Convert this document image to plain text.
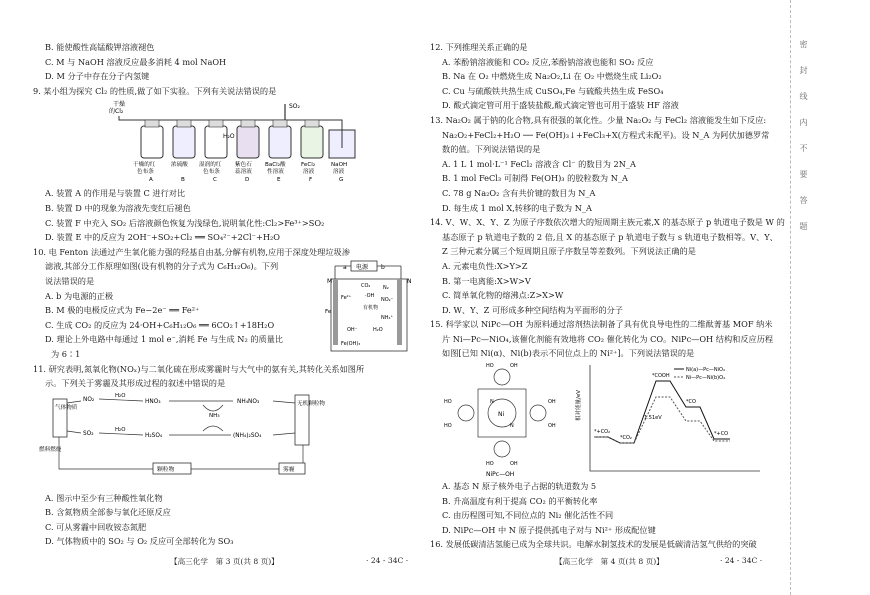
B. 能使酸性高锰酸钾溶液褪色
C. M 与 NaOH 溶液反应最多消耗 4 mol NaOH
D. M 分子中存在分子内氢键
9. 某小组为探究 Cl₂ 的性质,做了如下实验。下列有关说法错误的是
干燥
的Cl₂
SO₂
H₂O
干燥的红
色布条
A
浓硫酸
B
湿润的红
色布条
C
紫色石
蕊溶液
D
BaCl₂酸
性溶液
E
FeCl₂
溶液
F
NaOH
溶液
G
A. 装置 A 的作用是与装置 C 进行对比
B. 装置 D 中的现象为溶液先变红后褪色
C. 装置 F 中充入 SO₂ 后溶液颜色恢复为浅绿色,说明氧化性:Cl₂>Fe³⁺>SO₂
D. 装置 E 中的反应为 2OH⁻+SO₂+Cl₂ ══ SO₄²⁻+2Cl⁻+H₂O
10. 电 Fenton 法通过产生氧化能力强的羟基自由基,分解有机物,应用于深度处理垃圾渗
滤液,其部分工作原理如图(设有机物的分子式为 C₆H₁₂O₆)。下列
说法错误的是
A. b 为电源的正极
B. M 极的电极反应式为 Fe−2e⁻ ══ Fe²⁺
C. 生成 CO₂ 的反应为 24·OH+C₆H₁₂O₆ ══ 6CO₂↑+18H₂O
D. 理论上外电路中每通过 1 mol e⁻,消耗 Fe 与生成 N₂ 的质量比
为 6∶1
电源
a	b
M	N
Fe
Fe²⁺
CO₂
·OH
N₂
NO₂⁻
有机物
NH₄⁺
OH⁻
Fe(OH)₃
H₂O
11. 研究表明,氮氧化物(NOₓ)与二氧化硫在形成雾霾时与大气中的氨有关,其转化关系如图所
示。下列关于雾霾及其形成过程的叙述中错误的是
气体物质
燃料燃烧
NO₂
H₂O
HNO₃
SO₂
H₂O
H₂SO₄
NH₃
NH₄NO₃
(NH₄)₂SO₄
无机颗粒物
颗粒物	雾霾
A. 图示中至少有三种酸性氧化物
B. 含氮物质全部参与氧化还原反应
C. 可从雾霾中回收铵态氮肥
D. 气体物质中的 SO₂ 与 O₂ 反应可全部转化为 SO₃
12. 下列推理关系正确的是
A. 苯酚钠溶液能和 CO₂ 反应,苯酚钠溶液也能和 SO₂ 反应
B. Na 在 O₂ 中燃烧生成 Na₂O₂,Li 在 O₂ 中燃烧生成 Li₂O₂
C. Cu 与硫酸铁共热生成 CuSO₄,Fe 与硫酸共热生成 FeSO₄
D. 酸式滴定管可用于盛装盐酸,酸式滴定管也可用于盛装 HF 溶液
13. Na₂O₂ 属于钠的化合物,具有很强的氧化性。少量 Na₂O₂ 与 FeCl₂ 溶液能发生如下反应:
Na₂O₂+FeCl₂+H₂O ── Fe(OH)₃↓+FeCl₃+X(方程式未配平)。设 N_A 为阿伏加德罗常
数的值。下列说法错误的是
A. 1 L 1 mol·L⁻¹ FeCl₂ 溶液含 Cl⁻ 的数目为 2N_A
B. 1 mol FeCl₃ 可制得 Fe(OH)₃ 的胶粒数为 N_A
C. 78 g Na₂O₂ 含有共价键的数目为 N_A
D. 每生成 1 mol X,转移的电子数为 N_A
14. V、W、X、Y、Z 为原子序数依次增大的短周期主族元素,X 的基态原子 p 轨道电子数是 W 的
基态原子 p 轨道电子数的 2 倍,且 X 的基态原子 p 轨道电子数与 s 轨道电子数相等。V、Y、
Z 三种元素分属三个短周期且原子序数呈等差数列。下列说法正确的是
A. 元素电负性:X>Y>Z
B. 第一电离能:X>W>V
C. 简单氧化物的熔沸点:Z>X>W
D. W、Y、Z 可形成多种空间结构为平面形的分子
15. 科学家以 NiPc—OH 为原料通过溶剂热法制备了具有优良导电性的二维酞菁基 MOF 纳米
片 Ni—Pc—NiO₄,该催化剂能有效地将 CO₂ 催化转化为 CO。NiPc—OH 结构和反应历程
如图[已知 Ni(α)、Ni(b)表示不同位点上的 Ni²⁺]。下列说法错误的是
Ni
N
N
HO	OH
HO
HO
OH
OH
HO	OH
NiPc—OH
相对能量/eV
*+CO₂
*CO₂
*COOH
*CO
*+CO
1.51eV
Ni(a)—Pc—NiO₄
Ni—Pc—Ni(b)O₄
A. 基态 N 原子核外电子占据的轨道数为 5
B. 升高温度有利于提高 CO₂ 的平衡转化率
C. 由历程图可知,不同位点的 Ni₂ 催化活性不同
D. NiPc—OH 中 N 原子提供孤电子对与 Ni²⁺ 形成配位键
16. 发展低碳清洁氢能已成为全球共识。电解水制氢技术的发展是低碳清洁氢气供给的突破
【高三化学　第 3 页(共 8 页)】	· 24 - 34C ·	【高三化学　第 4 页(共 8 页)】	· 24 - 34C ·
密封线内不要答题
